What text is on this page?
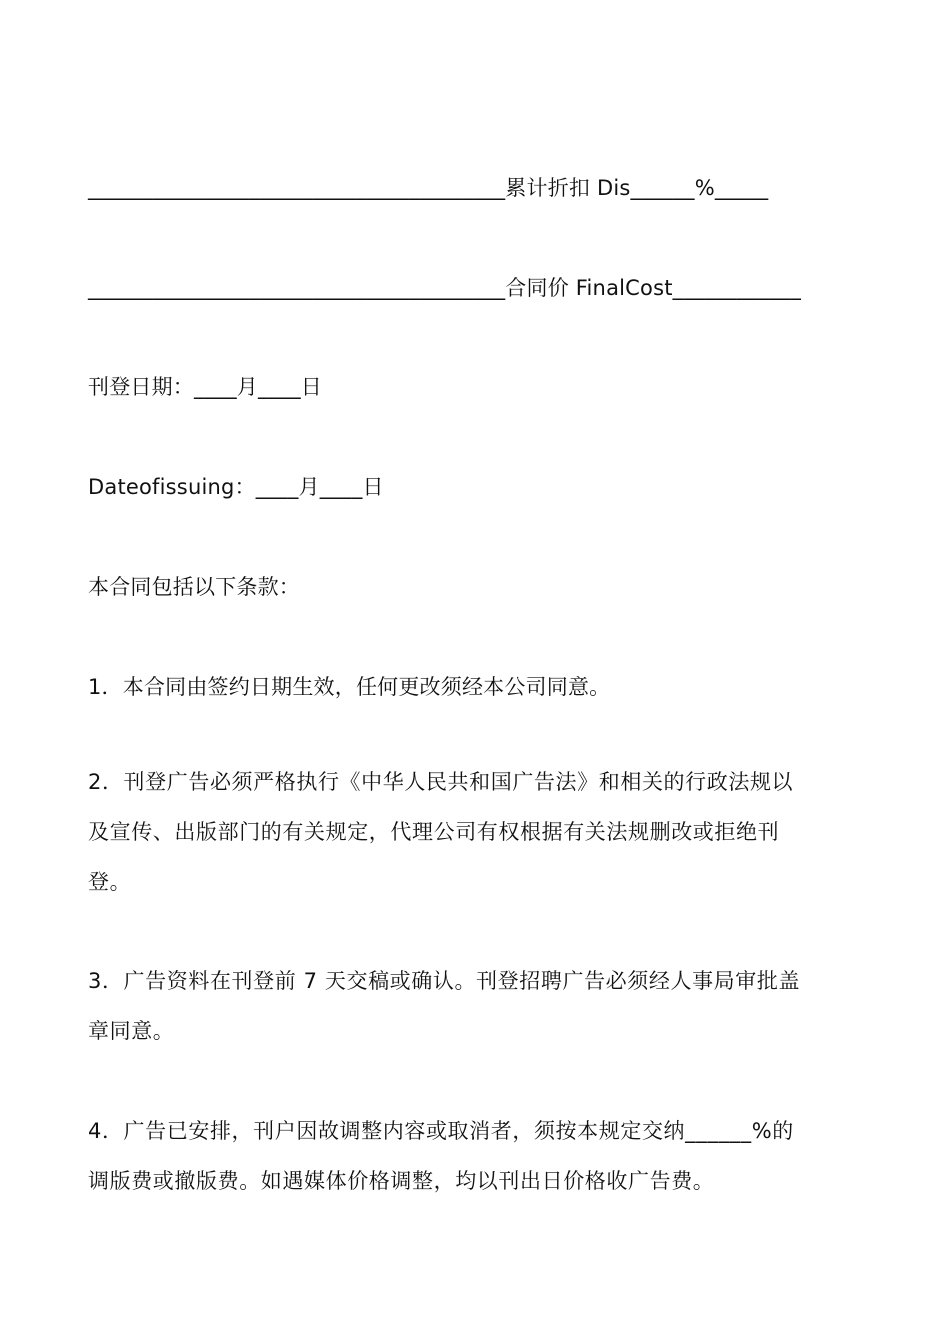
_______________________________________累计折扣 Dis______%_____
_______________________________________合同价 FinalCost____________
刊登日期：____月____日
Dateofissuing：____月____日
本合同包括以下条款：
1．本合同由签约日期生效，任何更改须经本公司同意。
2．刊登广告必须严格执行《中华人民共和国广告法》和相关的行政法规以
及宣传、出版部门的有关规定，代理公司有权根据有关法规删改或拒绝刊
登。
3．广告资料在刊登前 7 天交稿或确认。刊登招聘广告必须经人事局审批盖
章同意。
4．广告已安排，刊户因故调整内容或取消者，须按本规定交纳______%的
调版费或撤版费。如遇媒体价格调整，均以刊出日价格收广告费。
